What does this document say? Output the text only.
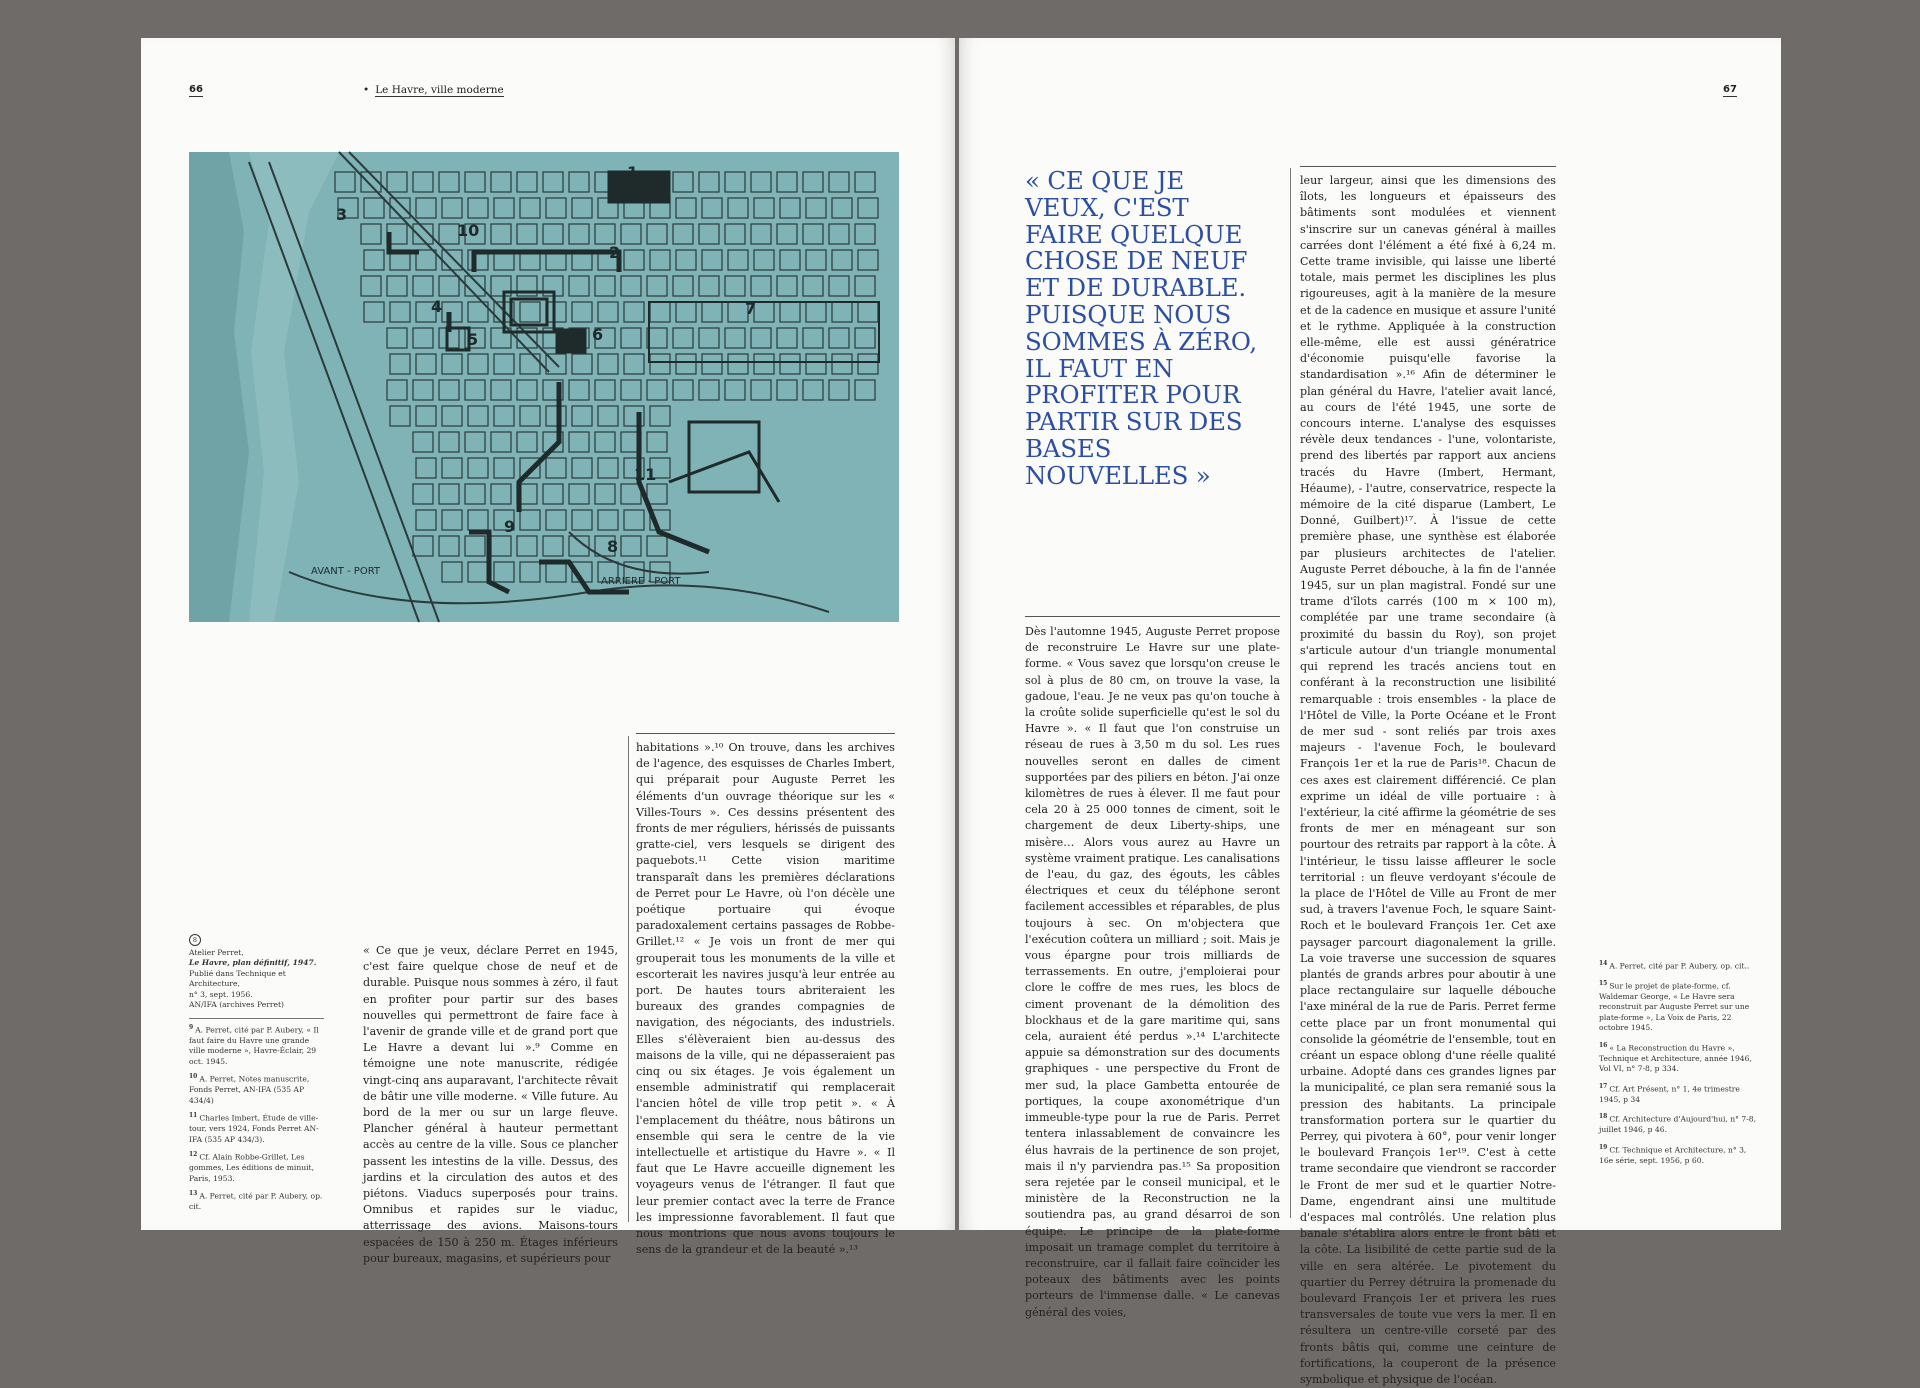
66	• Le Havre, ville moderne
AVANT - PORT
ARRIERE - PORT
1
2
3
4
5	6
7
8
9
10
11
8
Atelier Perret,
Le Havre, plan définitif, 1947.
Publié dans Technique et Architecture,
n° 3, sept. 1956.
AN/IFA (archives Perret)
$^9$ A. Perret, cité par P. Aubery, « Il faut faire du Havre une grande ville moderne », Havre-Éclair, 29 oct. 1945.
$^{10}$ A. Perret, Notes manuscrite, Fonds Perret, AN-IFA (535 AP 434/4)
$^{11}$ Charles Imbert, Étude de ville-tour, vers 1924, Fonds Perret AN-IFA (535 AP 434/3).
$^{12}$ Cf. Alain Robbe-Grillet, Les gommes, Les éditions de minuit, Paris, 1953.
$^{13}$ A. Perret, cité par P. Aubery, op. cit.

« Ce que je veux, déclare Perret en 1945, c'est faire quelque chose de neuf et de durable. Puisque nous sommes à zéro, il faut en profiter pour partir sur des bases nouvelles qui permettront de faire face à l'avenir de grande ville et de grand port que Le Havre a devant lui ».⁹ Comme en témoigne une note manuscrite, rédigée vingt-cinq ans auparavant, l'architecte rêvait de bâtir une ville moderne. « Ville future. Au bord de la mer ou sur un large fleuve. Plancher général à hauteur permettant accès au centre de la ville. Sous ce plancher passent les intestins de la ville. Dessus, des jardins et la circulation des autos et des piétons. Viaducs superposés pour trains. Omnibus et rapides sur le viaduc, atterrissage des avions. Maisons-tours espacées de 150 à 250 m. Étages inférieurs pour bureaux, magasins, et supérieurs pour

habitations ».¹⁰ On trouve, dans les archives de l'agence, des esquisses de Charles Imbert, qui préparait pour Auguste Perret les éléments d'un ouvrage théorique sur les « Villes-Tours ». Ces dessins présentent des fronts de mer réguliers, hérissés de puissants gratte-ciel, vers lesquels se dirigent des paquebots.¹¹ Cette vision maritime transparaît dans les premières déclarations de Perret pour Le Havre, où l'on décèle une poétique portuaire qui évoque paradoxalement certains passages de Robbe-Grillet.¹² « Je vois un front de mer qui grouperait tous les monuments de la ville et escorterait les navires jusqu'à leur entrée au port. De hautes tours abriteraient les bureaux des grandes compagnies de navigation, des négociants, des industriels. Elles s'élèveraient bien au-dessus des maisons de la ville, qui ne dépasseraient pas cinq ou six étages. Je vois également un ensemble administratif qui remplacerait l'ancien hôtel de ville trop petit ». « À l'emplacement du théâtre, nous bâtirons un ensemble qui sera le centre de la vie intellectuelle et artistique du Havre ». « Il faut que Le Havre accueille dignement les voyageurs venus de l'étranger. Il faut que leur premier contact avec la terre de France les impressionne favorablement. Il faut que nous montrions que nous avons toujours le sens de la grandeur et de la beauté ».¹³

67
« CE QUE JE VEUX, C'EST FAIRE QUELQUE CHOSE DE NEUF ET DE DURABLE. PUISQUE NOUS SOMMES À ZÉRO, IL FAUT EN PROFITER POUR PARTIR SUR DES BASES NOUVELLES »

Dès l'automne 1945, Auguste Perret propose de reconstruire Le Havre sur une plate-forme. « Vous savez que lorsqu'on creuse le sol à plus de 80 cm, on trouve la vase, la gadoue, l'eau. Je ne veux pas qu'on touche à la croûte solide superficielle qu'est le sol du Havre ». « Il faut que l'on construise un réseau de rues à 3,50 m du sol. Les rues nouvelles seront en dalles de ciment supportées par des piliers en béton. J'ai onze kilomètres de rues à élever. Il me faut pour cela 20 à 25 000 tonnes de ciment, soit le chargement de deux Liberty-ships, une misère… Alors vous aurez au Havre un système vraiment pratique. Les canalisations de l'eau, du gaz, des égouts, les câbles électriques et ceux du téléphone seront facilement accessibles et réparables, de plus toujours à sec. On m'objectera que l'exécution coûtera un milliard ; soit. Mais je vous épargne pour trois milliards de terrassements. En outre, j'emploierai pour clore le coffre de mes rues, les blocs de ciment provenant de la démolition des blockhaus et de la gare maritime qui, sans cela, auraient été perdus ».¹⁴ L'architecte appuie sa démonstration sur des documents graphiques - une perspective du Front de mer sud, la place Gambetta entourée de portiques, la coupe axonométrique d'un immeuble-type pour la rue de Paris. Perret tentera inlassablement de convaincre les élus havrais de la pertinence de son projet, mais il n'y parviendra pas.¹⁵ Sa proposition sera rejetée par le conseil municipal, et le ministère de la Reconstruction ne la soutiendra pas, au grand désarroi de son équipe. Le principe de la plate-forme imposait un tramage complet du territoire à reconstruire, car il fallait faire coïncider les poteaux des bâtiments avec les points porteurs de l'immense dalle. « Le canevas général des voies,

leur largeur, ainsi que les dimensions des îlots, les longueurs et épaisseurs des bâtiments sont modulées et viennent s'inscrire sur un canevas général à mailles carrées dont l'élément a été fixé à 6,24 m. Cette trame invisible, qui laisse une liberté totale, mais permet les disciplines les plus rigoureuses, agit à la manière de la mesure et de la cadence en musique et assure l'unité et le rythme. Appliquée à la construction elle-même, elle est aussi génératrice d'économie puisqu'elle favorise la standardisation ».¹⁶ Afin de déterminer le plan général du Havre, l'atelier avait lancé, au cours de l'été 1945, une sorte de concours interne. L'analyse des esquisses révèle deux tendances - l'une, volontariste, prend des libertés par rapport aux anciens tracés du Havre (Imbert, Hermant, Héaume), - l'autre, conservatrice, respecte la mémoire de la cité disparue (Lambert, Le Donné, Guilbert)¹⁷. À l'issue de cette première phase, une synthèse est élaborée par plusieurs architectes de l'atelier. Auguste Perret débouche, à la fin de l'année 1945, sur un plan magistral. Fondé sur une trame d'îlots carrés (100 m × 100 m), complétée par une trame secondaire (à proximité du bassin du Roy), son projet s'articule autour d'un triangle monumental qui reprend les tracés anciens tout en conférant à la reconstruction une lisibilité remarquable : trois ensembles - la place de l'Hôtel de Ville, la Porte Océane et le Front de mer sud - sont reliés par trois axes majeurs - l'avenue Foch, le boulevard François 1er et la rue de Paris¹⁸. Chacun de ces axes est clairement différencié. Ce plan exprime un idéal de ville portuaire : à l'extérieur, la cité affirme la géométrie de ses fronts de mer en ménageant sur son pourtour des retraits par rapport à la côte. À l'intérieur, le tissu laisse affleurer le socle territorial : un fleuve verdoyant s'écoule de la place de l'Hôtel de Ville au Front de mer sud, à travers l'avenue Foch, le square Saint-Roch et le boulevard François 1er. Cet axe paysager parcourt diagonalement la grille. La voie traverse une succession de squares plantés de grands arbres pour aboutir à une place rectangulaire sur laquelle débouche l'axe minéral de la rue de Paris. Perret ferme cette place par un front monumental qui consolide la géométrie de l'ensemble, tout en créant un espace oblong d'une réelle qualité urbaine. Adopté dans ces grandes lignes par la municipalité, ce plan sera remanié sous la pression des habitants. La principale transformation portera sur le quartier du Perrey, qui pivotera à 60°, pour venir longer le boulevard François 1er¹⁹. C'est à cette trame secondaire que viendront se raccorder le Front de mer sud et le quartier Notre-Dame, engendrant ainsi une multitude d'espaces mal contrôlés. Une relation plus banale s'établira alors entre le front bâti et la côte. La lisibilité de cette partie sud de la ville en sera altérée. Le pivotement du quartier du Perrey détruira la promenade du boulevard François 1er et privera les rues transversales de toute vue vers la mer. Il en résultera un centre-ville corseté par des fronts bâtis qui, comme une ceinture de fortifications, la couperont de la présence symbolique et physique de l'océan.

$^{14}$ A. Perret, cité par P. Aubery, op. cit..
$^{15}$ Sur le projet de plate-forme, cf. Waldemar George, « Le Havre sera reconstruit par Auguste Perret sur une plate-forme », La Voix de Paris, 22 octobre 1945.
$^{16}$ « La Reconstruction du Havre », Technique et Architecture, année 1946, Vol VI, n° 7-8, p 334.
$^{17}$ Cf. Art Présent, n° 1, 4e trimestre 1945, p 34
$^{18}$ Cf. Architecture d'Aujourd'hui, n° 7-8, juillet 1946, p 46.
$^{19}$ Cf. Technique et Architecture, n° 3, 16e série, sept. 1956, p 60.
